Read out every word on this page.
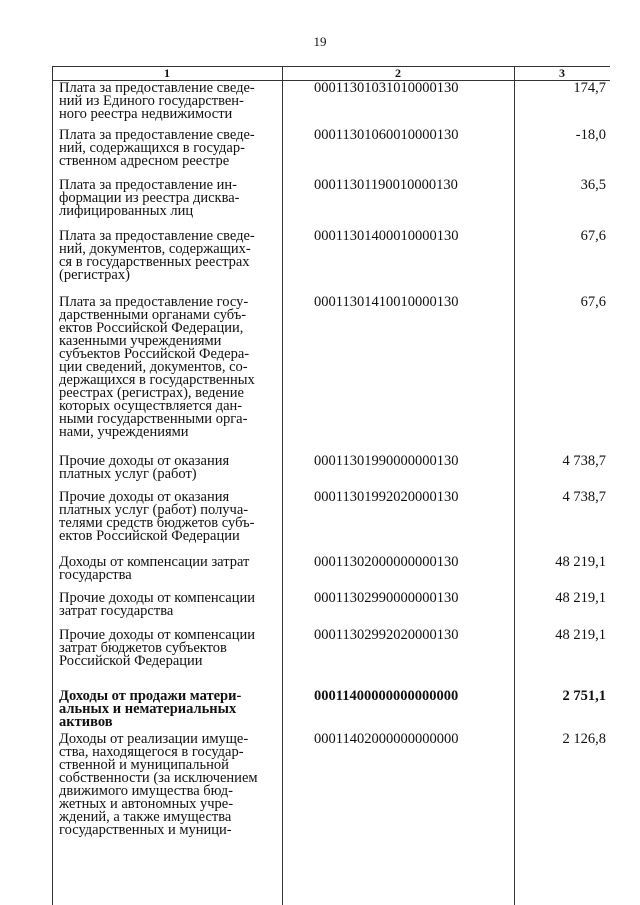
19
1	2	3
Плата за предоставление сведе-
ний из Единого государствен-
ного реестра недвижимости
00011301031010000130	174,7
Плата за предоставление сведе-
ний, содержащихся в государ-
ственном адресном реестре
00011301060010000130	-18,0
Плата за предоставление ин-
формации из реестра дисква-
лифицированных лиц
00011301190010000130	36,5
Плата за предоставление сведе-
ний, документов, содержащих-
ся в государственных реестрах
(регистрах)
00011301400010000130	67,6
Плата за предоставление госу-
дарственными органами субъ-
ектов Российской Федерации,
казенными учреждениями
субъектов Российской Федера-
ции сведений, документов, со-
держащихся в государственных
реестрах (регистрах), ведение
которых осуществляется дан-
ными государственными орга-
нами, учреждениями
00011301410010000130	67,6
Прочие доходы от оказания
платных услуг (работ)
00011301990000000130	4 738,7
Прочие доходы от оказания
платных услуг (работ) получа-
телями средств бюджетов субъ-
ектов Российской Федерации
00011301992020000130	4 738,7
Доходы от компенсации затрат
государства
00011302000000000130	48 219,1
Прочие доходы от компенсации
затрат государства
00011302990000000130	48 219,1
Прочие доходы от компенсации
затрат бюджетов субъектов
Российской Федерации
00011302992020000130	48 219,1
Доходы от продажи матери-
альных и нематериальных
активов
00011400000000000000	2 751,1
Доходы от реализации имуще-
ства, находящегося в государ-
ственной и муниципальной
собственности (за исключением
движимого имущества бюд-
жетных и автономных учре-
ждений, а также имущества
государственных и муници-
00011402000000000000	2 126,8
